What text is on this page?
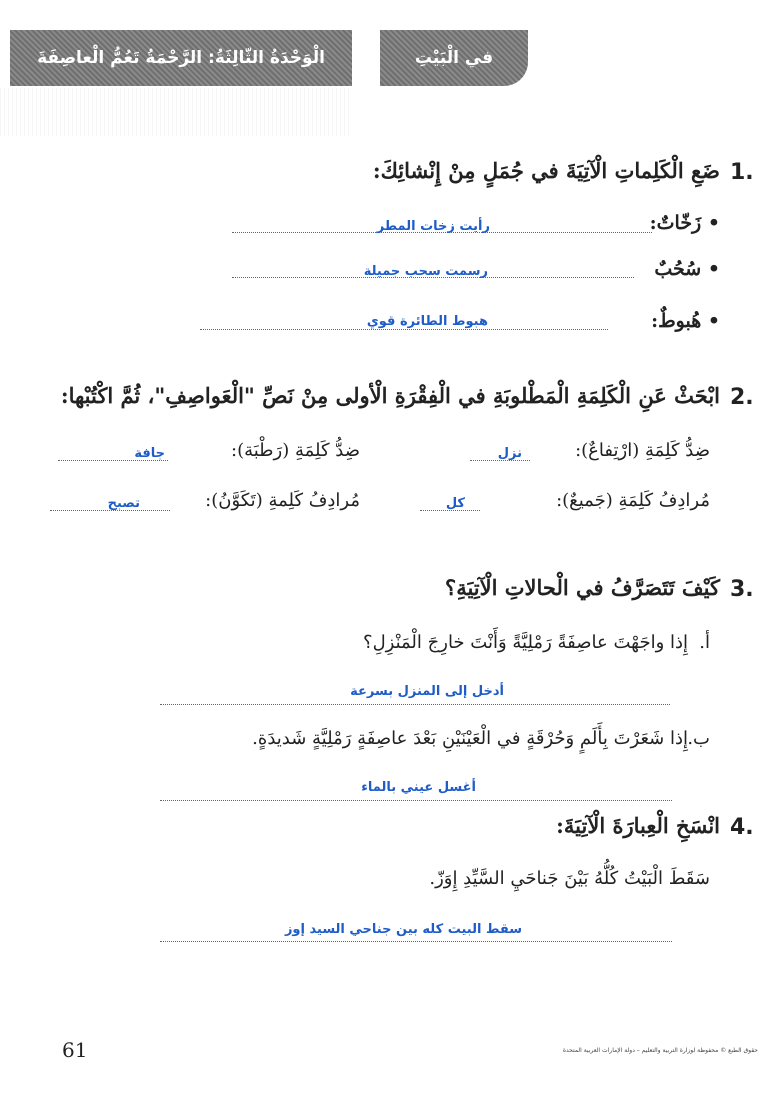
في الْبَيْتِ
الْوَحْدَةُ الثّالِثَةُ: الرَّحْمَةُ تَعُمُّ الْعاصِفَةَ
1.
ضَعِ الْكَلِماتِ الْآتِيَةَ في جُمَلٍ مِنْ إِنْشائِكَ:
• زَخّاتٌ:
• سُحُبٌ
• هُبوطٌ:
رأيت زخات المطر
رسمت سحب جميلة
هبوط الطائرة قوي
2.
ابْحَثْ عَنِ الْكَلِمَةِ الْمَطْلوبَةِ في الْفِقْرَةِ الْأولى مِنْ نَصِّ "الْعَواصِفِ"، ثُمَّ اكْتُبْها:
ضِدُّ كَلِمَةِ (ارْتِفاعٌ):
نزل
ضِدُّ كَلِمَةِ (رَطْبَة):
جافة
مُرادِفُ كَلِمَةِ (جَميعٌ):
كل
مُرادِفُ كَلِمةِ (تَكَوَّنُ):
تصبح
3.
كَيْفَ تَتَصَرَّفُ في الْحالاتِ الْآتِيَةِ؟
أ.
إِذا واجَهْتَ عاصِفَةً رَمْلِيَّةً وَأَنْتَ خارِجَ الْمَنْزِلِ؟
أدخل إلى المنزل بسرعة
ب.
إِذا شَعَرْتَ بِأَلَمٍ وَحُرْقَةٍ في الْعَيْنَيْنِ بَعْدَ عاصِفَةٍ رَمْلِيَّةٍ شَديدَةٍ.
أغسل عيني بالماء
4.
انْسَخِ الْعِبارَةَ الْآتِيَةَ:
سَقَطَ الْبَيْتُ كُلُّهُ بَيْنَ جَناحَيِ السَّيِّدِ إِوَزّ.
سقط البيت كله بين جناحي السيد إوز
61	حقوق الطبع © محفوظة لوزارة التربية والتعليم – دولة الإمارات العربية المتحدة
